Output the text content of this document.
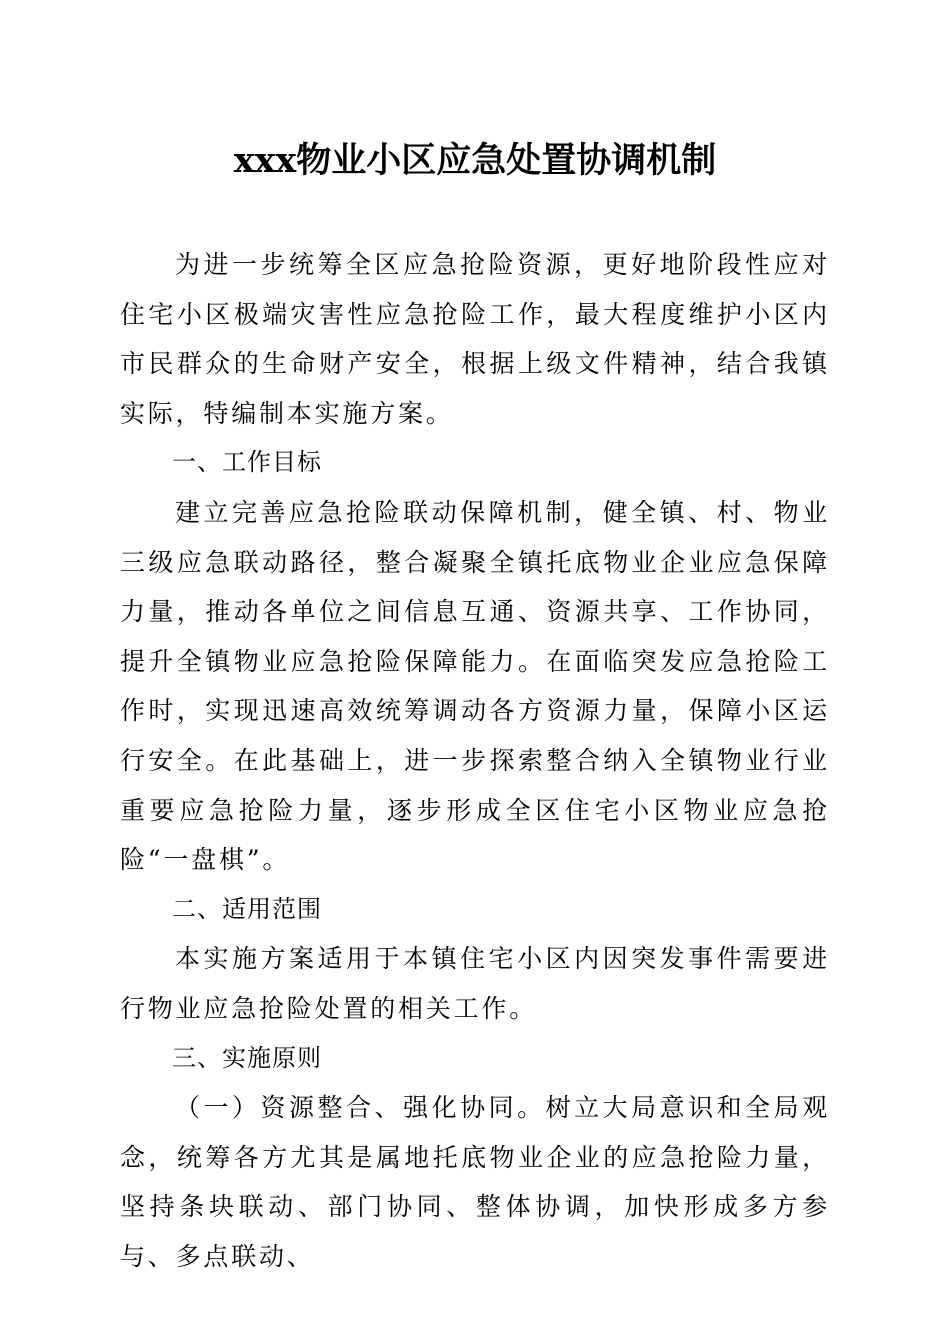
xxx物业小区应急处置协调机制

为进一步统筹全区应急抢险资源，更好地阶段性应对住宅小区极端灾害性应急抢险工作，最大程度维护小区内市民群众的生命财产安全，根据上级文件精神，结合我镇实际，特编制本实施方案。

一、工作目标

建立完善应急抢险联动保障机制，健全镇、村、物业三级应急联动路径，整合凝聚全镇托底物业企业应急保障力量，推动各单位之间信息互通、资源共享、工作协同，提升全镇物业应急抢险保障能力。在面临突发应急抢险工作时，实现迅速高效统筹调动各方资源力量，保障小区运行安全。在此基础上，进一步探索整合纳入全镇物业行业重要应急抢险力量，逐步形成全区住宅小区物业应急抢险“一盘棋”。

二、适用范围

本实施方案适用于本镇住宅小区内因突发事件需要进行物业应急抢险处置的相关工作。

三、实施原则

（一）资源整合、强化协同。树立大局意识和全局观念，统筹各方尤其是属地托底物业企业的应急抢险力量，坚持条块联动、部门协同、整体协调，加快形成多方参与、多点联动、
